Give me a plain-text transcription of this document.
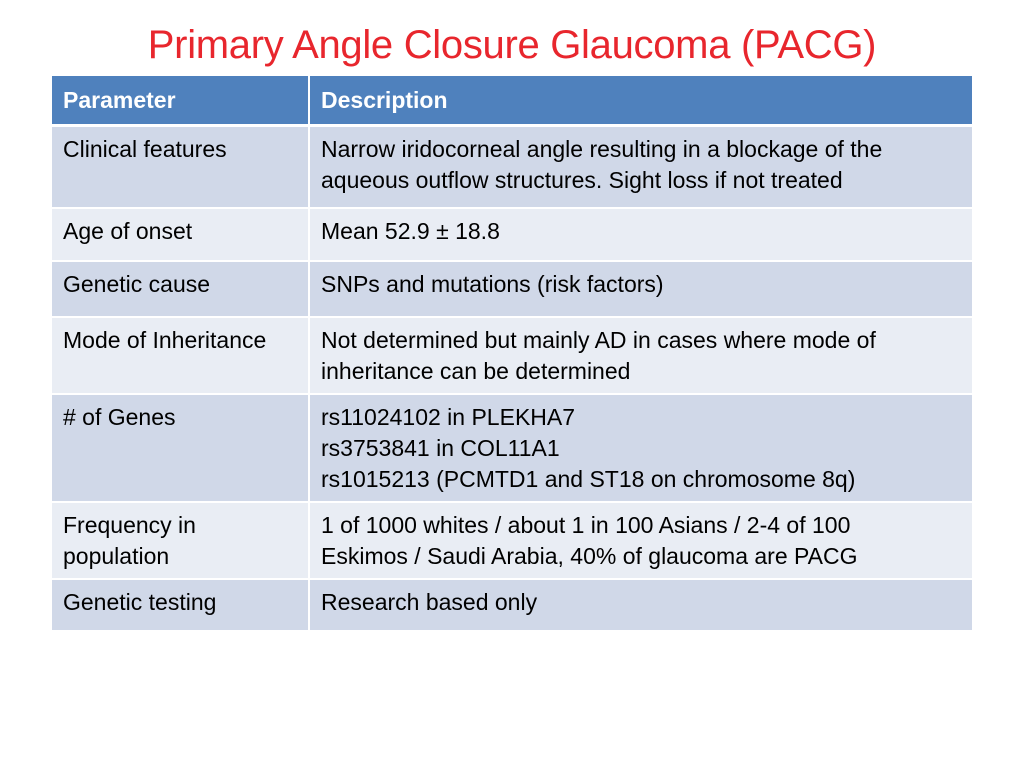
Primary Angle Closure Glaucoma (PACG)
Parameter	Description
Clinical features	Narrow iridocorneal angle resulting in a blockage of the
aqueous outflow structures. Sight loss if not treated
Age of onset	Mean 52.9 ± 18.8
Genetic cause	SNPs and mutations (risk factors)
Mode of Inheritance	Not determined but mainly AD in cases where mode of
inheritance can be determined
# of Genes	rs11024102 in PLEKHA7
rs3753841 in COL11A1
rs1015213 (PCMTD1 and ST18 on chromosome 8q)
Frequency in
population	1 of 1000 whites / about 1 in 100 Asians / 2-4 of 100
Eskimos / Saudi Arabia, 40% of glaucoma are PACG
Genetic testing	Research based only
